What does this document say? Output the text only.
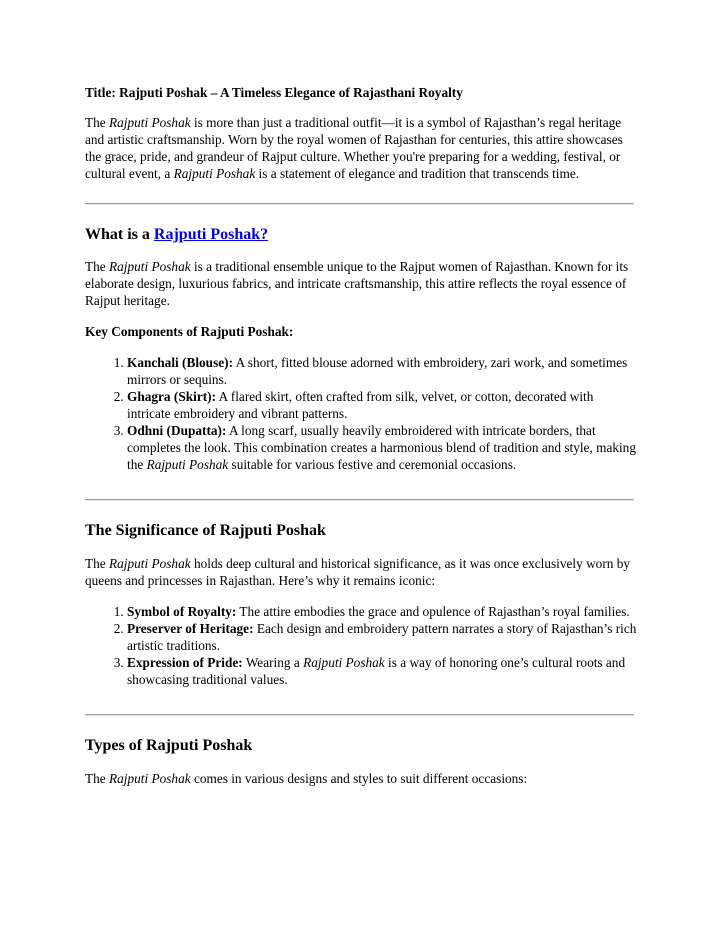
Title: Rajputi Poshak – A Timeless Elegance of Rajasthani Royalty

The Rajputi Poshak is more than just a traditional outfit—it is a symbol of Rajasthan’s regal heritage and artistic craftsmanship. Worn by the royal women of Rajasthan for centuries, this attire showcases the grace, pride, and grandeur of Rajput culture. Whether you're preparing for a wedding, festival, or cultural event, a Rajputi Poshak is a statement of elegance and tradition that transcends time.

What is a Rajputi Poshak?

The Rajputi Poshak is a traditional ensemble unique to the Rajput women of Rajasthan. Known for its elaborate design, luxurious fabrics, and intricate craftsmanship, this attire reflects the royal essence of Rajput heritage.

Key Components of Rajputi Poshak:

1. Kanchali (Blouse): A short, fitted blouse adorned with embroidery, zari work, and sometimes mirrors or sequins.
2. Ghagra (Skirt): A flared skirt, often crafted from silk, velvet, or cotton, decorated with intricate embroidery and vibrant patterns.
3. Odhni (Dupatta): A long scarf, usually heavily embroidered with intricate borders, that completes the look. This combination creates a harmonious blend of tradition and style, making the Rajputi Poshak suitable for various festive and ceremonial occasions.
The Significance of Rajputi Poshak

The Rajputi Poshak holds deep cultural and historical significance, as it was once exclusively worn by queens and princesses in Rajasthan. Here’s why it remains iconic:

1. Symbol of Royalty: The attire embodies the grace and opulence of Rajasthan’s royal families.
2. Preserver of Heritage: Each design and embroidery pattern narrates a story of Rajasthan’s rich artistic traditions.
3. Expression of Pride: Wearing a Rajputi Poshak is a way of honoring one’s cultural roots and showcasing traditional values.
Types of Rajputi Poshak

The Rajputi Poshak comes in various designs and styles to suit different occasions:
